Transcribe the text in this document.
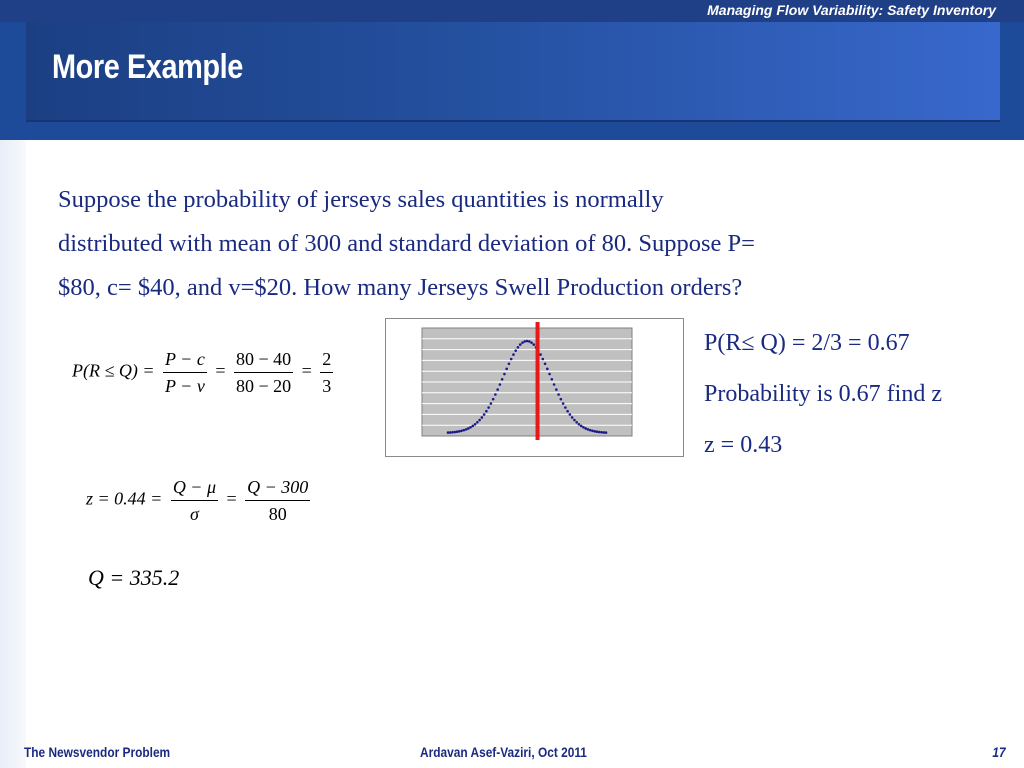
Managing Flow Variability: Safety Inventory
More Example
Suppose the probability of jerseys sales quantities is normally
distributed with mean of 300 and standard deviation of 80. Suppose P=
$80, c= $40, and v=$20. How many Jerseys Swell Production orders?
$P(R \le Q) = \frac{P - c}{P - v} = \frac{80 - 40}{80 - 20} = \frac{2}{3}$
$z = 0.44 = \frac{Q - \mu}{\sigma} = \frac{Q - 300}{80}$
Q = 335.2
P(R≤ Q) = 2/3 = 0.67
Probability is 0.67 find z
z = 0.43
The Newsvendor Problem	Ardavan Asef-Vaziri, Oct 2011	17
